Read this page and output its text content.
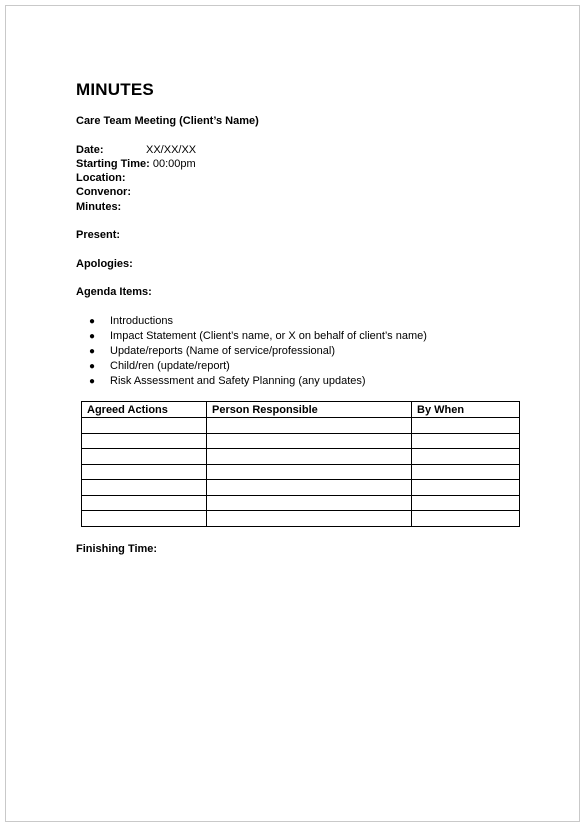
MINUTES
Care Team Meeting (Client’s Name)
Date:	XX/XX/XX
Starting Time: 00:00pm
Location:
Convenor:
Minutes:
Present:
Apologies:
Agenda Items:
● Introductions
● Impact Statement (Client’s name, or X on behalf of client’s name)
● Update/reports (Name of service/professional)
● Child/ren (update/report)
● Risk Assessment and Safety Planning (any updates)
Agreed Actions	Person Responsible	By When

Finishing Time:
